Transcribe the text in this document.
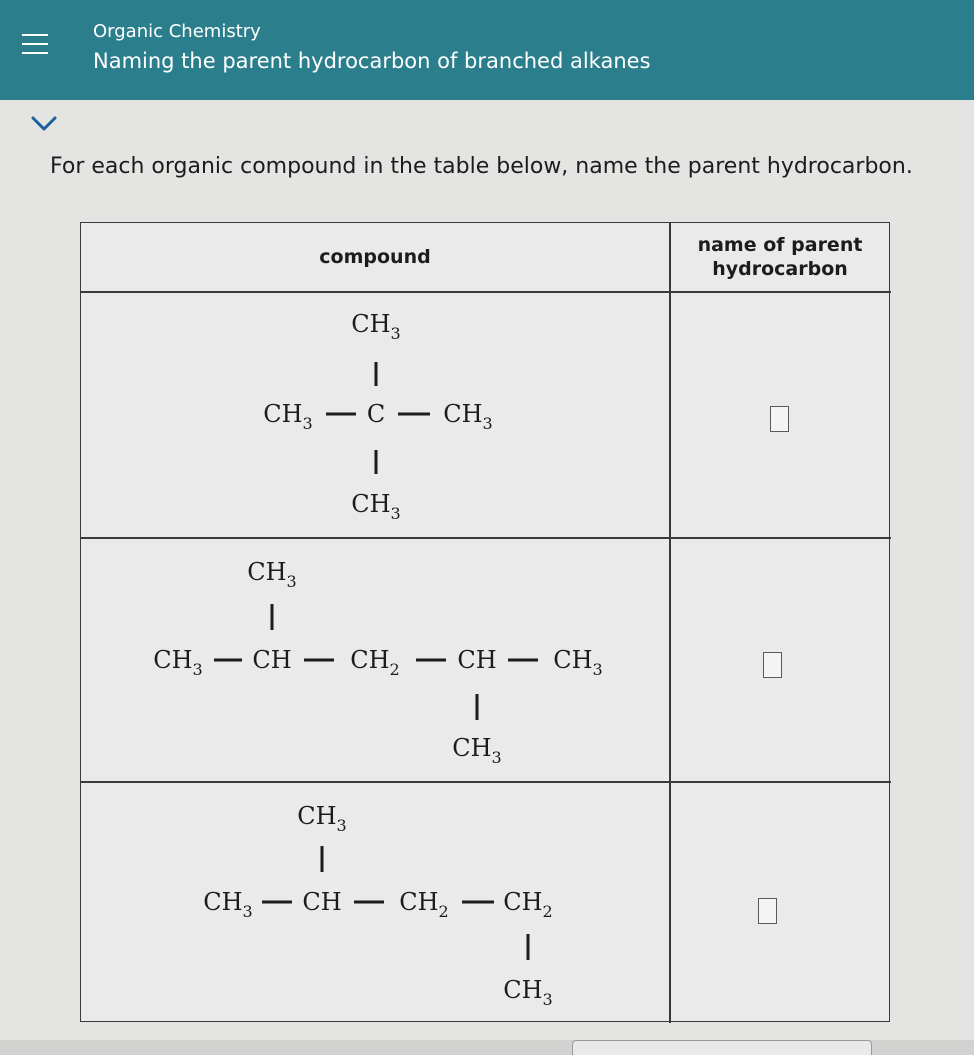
Organic Chemistry
Naming the parent hydrocarbon of branched alkanes
For each organic compound in the table below, name the parent hydrocarbon.
compound
name of parent
hydrocarbon
$CH_3$
$CH_3$ C $CH_3$
$CH_3$
$CH_3$
$CH_3$ CH $CH_2$ CH $CH_3$
$CH_3$
$CH_3$
$CH_3$ CH $CH_2$ $CH_2$
$CH_3$
